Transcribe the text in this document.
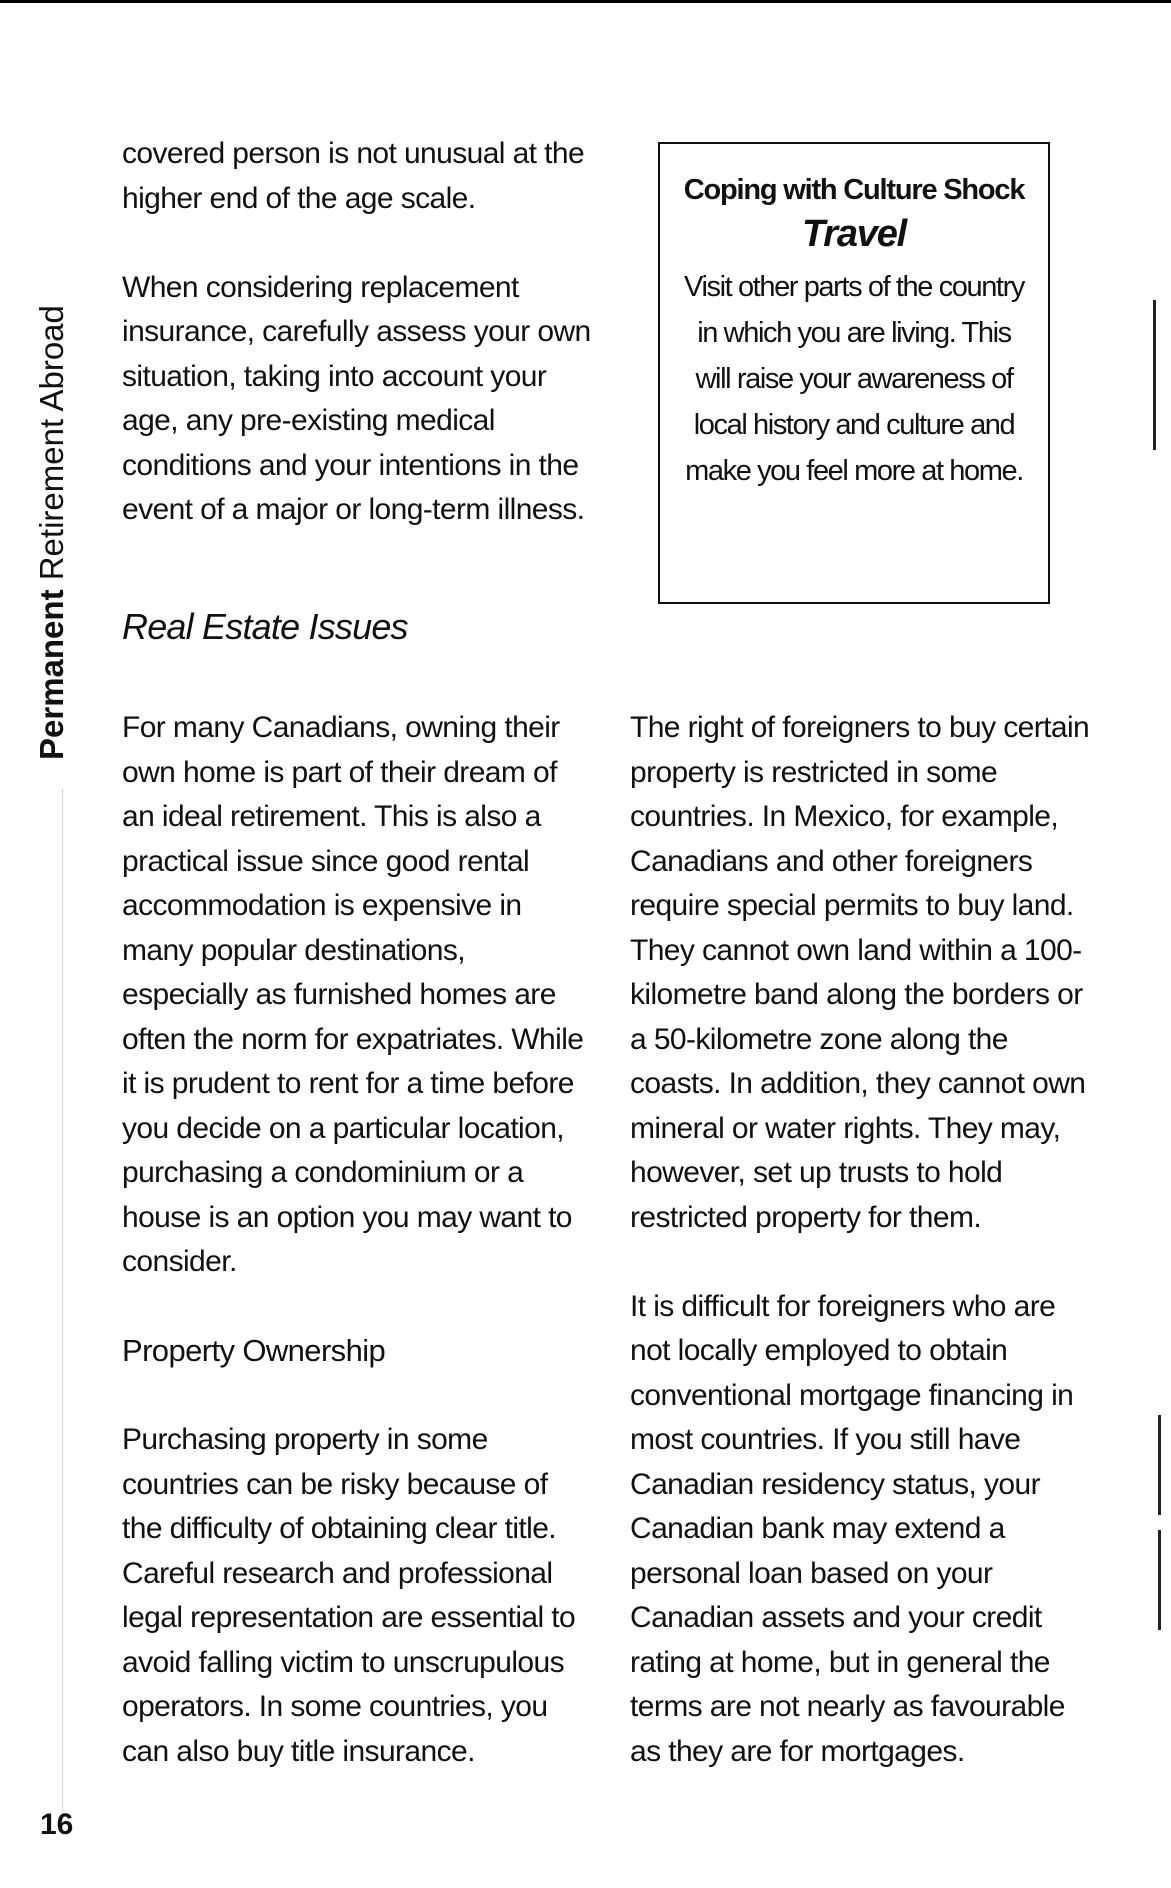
Permanent Retirement Abroad
16

covered person is not unusual at the higher end of the age scale.

When considering replacement insurance, carefully assess your own situation, taking into account your age, any pre-existing medical conditions and your intentions in the event of a major or long-term illness.

Coping with Culture Shock
Travel
Visit other parts of the country in which you are living. This will raise your awareness of local history and culture and make you feel more at home.
Real Estate Issues

For many Canadians, owning their own home is part of their dream of an ideal retirement. This is also a practical issue since good rental accommodation is expensive in many popular destinations, especially as furnished homes are often the norm for expatriates. While it is prudent to rent for a time before you decide on a particular location, purchasing a condominium or a house is an option you may want to consider.

Property Ownership

Purchasing property in some countries can be risky because of the difficulty of obtaining clear title. Careful research and professional legal representation are essential to avoid falling victim to unscrupulous operators. In some countries, you can also buy title insurance.

The right of foreigners to buy certain property is restricted in some countries. In Mexico, for example, Canadians and other foreigners require special permits to buy land. They cannot own land within a 100-kilometre band along the borders or a 50-kilometre zone along the coasts. In addition, they cannot own mineral or water rights. They may, however, set up trusts to hold restricted property for them.

It is difficult for foreigners who are not locally employed to obtain conventional mortgage financing in most countries. If you still have Canadian residency status, your Canadian bank may extend a personal loan based on your Canadian assets and your credit rating at home, but in general the terms are not nearly as favourable as they are for mortgages.
